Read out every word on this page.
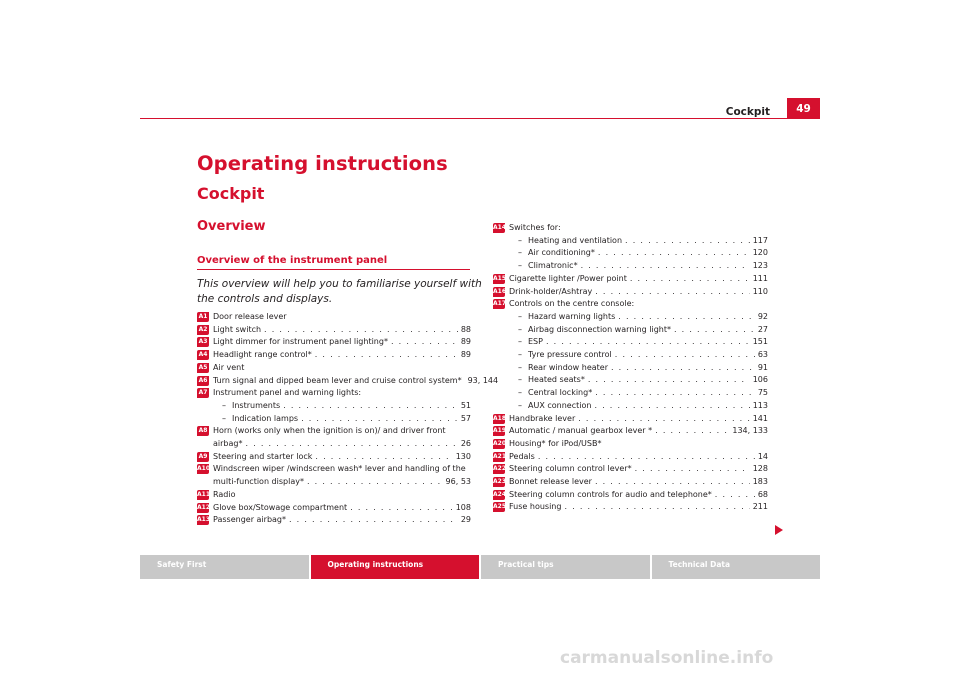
Cockpit	49
Operating instructions
Cockpit
Overview
Overview of the instrument panel
This overview will help you to familiarise yourself with the controls and displays.
A1 Door release lever
A2 Light switch . . .	88
A3 Light dimmer for instrument panel lighting* . . .	89
A4 Headlight range control* . . .	89
A5 Air vent
A6 Turn signal and dipped beam lever and cruise control system* 93, 144
A7 Instrument panel and warning lights:
– Instruments . . .	51
– Indication lamps . . .	57
A8 Horn (works only when the ignition is on)/ and driver front
airbag* . . .	26
A9 Steering and starter lock . . .	130
A10 Windscreen wiper /windscreen wash* lever and handling of the
multi-function display* . . .	96, 53
A11 Radio
A12 Glove box/Stowage compartment . . .	108
A13 Passenger airbag* . . .	29
A14 Switches for:
– Heating and ventilation . . .	117
– Air conditioning* . . .	120
– Climatronic* . . .	123
A15 Cigarette lighter /Power point . . .	111
A16 Drink-holder/Ashtray . . .	110
A17 Controls on the centre console:
– Hazard warning lights . . .	92
– Airbag disconnection warning light* . . .	27
– ESP . . .	151
– Tyre pressure control . . .	63
– Rear window heater . . .	91
– Heated seats* . . .	106
– Central locking* . . .	75
– AUX connection . . .	113
A18 Handbrake lever . . .	141
A19 Automatic / manual gearbox lever * . . .	134, 133
A20 Housing* for iPod/USB*
A21 Pedals . . .	14
A22 Steering column control lever* . . .	128
A23 Bonnet release lever . . .	183
A24 Steering column controls for audio and telephone* . . .	68
A25 Fuse housing . . .	211
Safety First	Operating instructions	Practical tips	Technical Data
carmanualsonline.info
